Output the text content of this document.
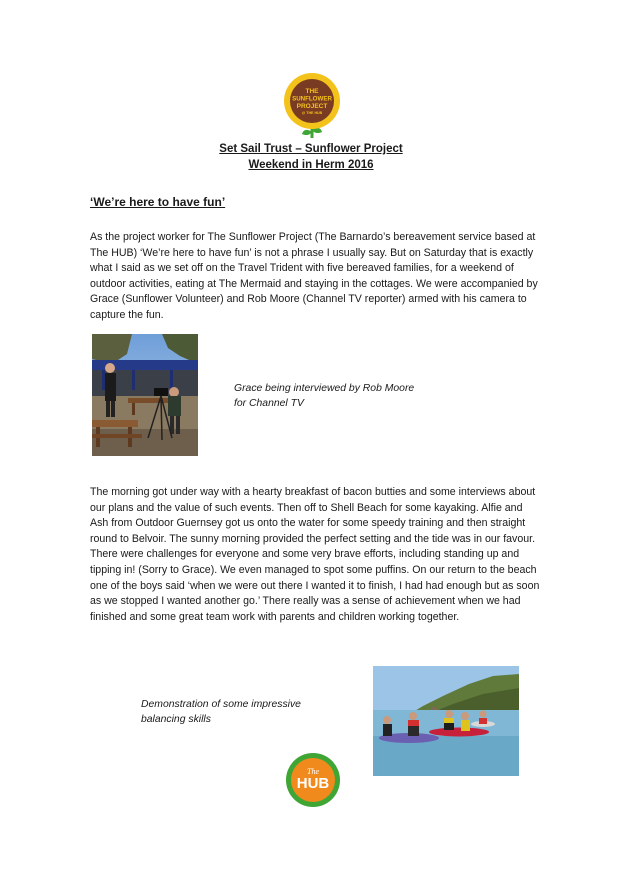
THE
SUNFLOWER
PROJECT
@ THE HUB
Set Sail Trust – Sunflower Project
Weekend in Herm 2016
‘We’re here to have fun’
As the project worker for The Sunflower Project (The Barnardo’s bereavement service based at The HUB) ‘We’re here to have fun’ is not a phrase I usually say. But on Saturday that is exactly what I said as we set off on the Travel Trident with five bereaved families, for a weekend of outdoor activities, eating at The Mermaid and staying in the cottages. We were accompanied by Grace (Sunflower Volunteer) and Rob Moore (Channel TV reporter) armed with his camera to capture the fun.
Grace being interviewed by Rob Moore for Channel TV
The morning got under way with a hearty breakfast of bacon butties and some interviews about our plans and the value of such events. Then off to Shell Beach for some kayaking. Alfie and Ash from Outdoor Guernsey got us onto the water for some speedy training and then straight round to Belvoir. The sunny morning provided the perfect setting and the tide was in our favour. There were challenges for everyone and some very brave efforts, including standing up and tipping in! (Sorry to Grace). We even managed to spot some puffins. On our return to the beach one of the boys said ‘when we were out there I wanted it to finish, I had had enough but as soon as we stopped I wanted another go.’ There really was a sense of achievement when we had finished and some great team work with parents and children working together.
Demonstration of some impressive balancing skills
The
HUB
